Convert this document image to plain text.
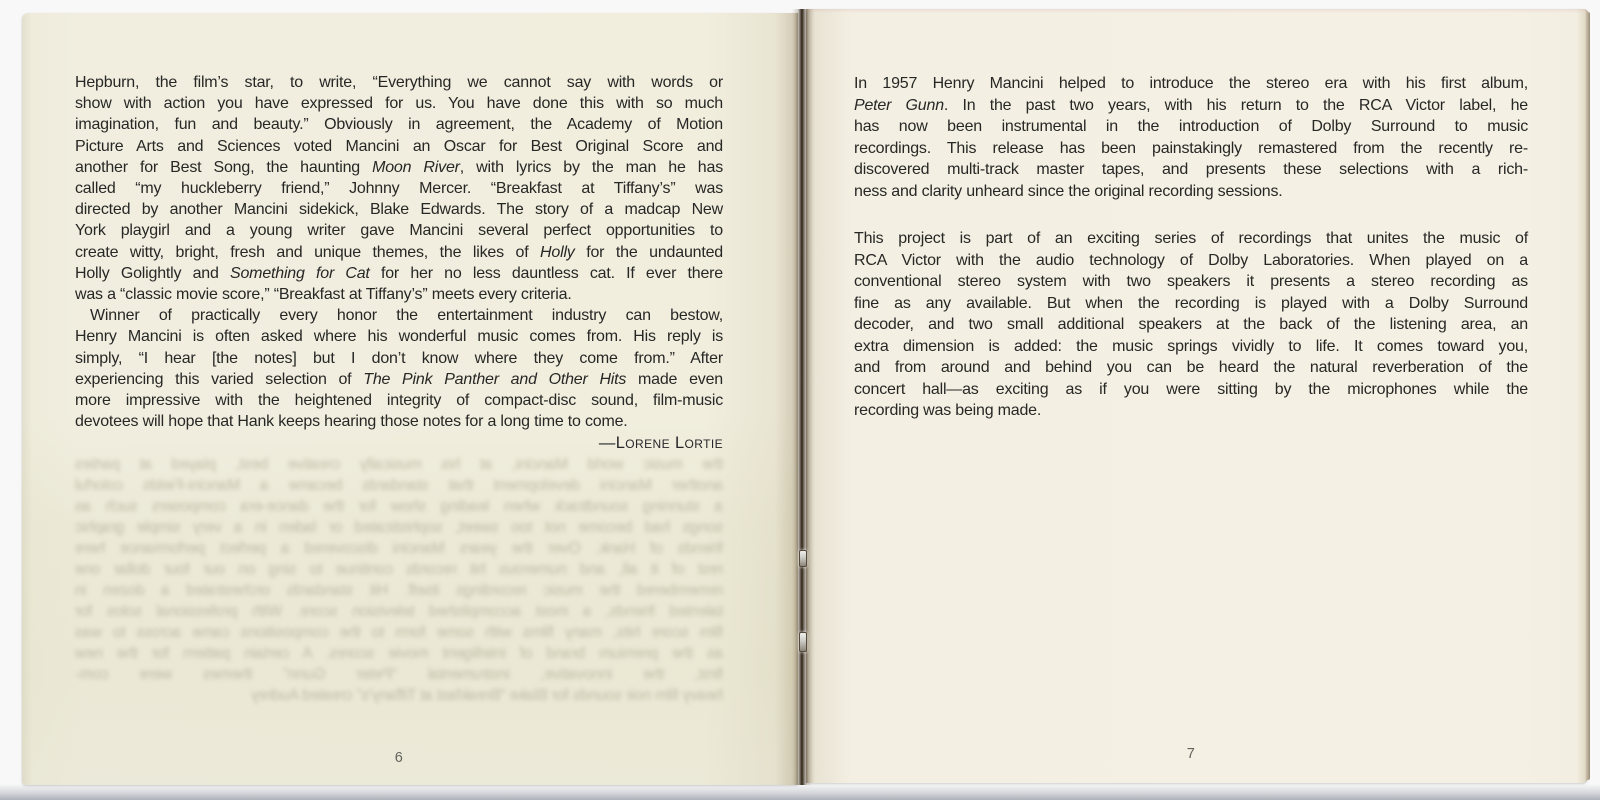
Hepburn, the film’s star, to write, “Everything we cannot say with words or
show with action you have expressed for us. You have done this with so much
imagination, fun and beauty.” Obviously in agreement, the Academy of Motion
Picture Arts and Sciences voted Mancini an Oscar for Best Original Score and
another for Best Song, the haunting Moon River, with lyrics by the man he has
called “my huckleberry friend,” Johnny Mercer. “Breakfast at Tiffany’s” was
directed by another Mancini sidekick, Blake Edwards. The story of a madcap New
York playgirl and a young writer gave Mancini several perfect opportunities to
create witty, bright, fresh and unique themes, the likes of Holly for the undaunted
Holly Golightly and Something for Cat for her no less dauntless cat. If ever there
was a “classic movie score,” “Breakfast at Tiffany’s” meets every criteria.
Winner of practically every honor the entertainment industry can bestow,
Henry Mancini is often asked where his wonderful music comes from. His reply is
simply, “I hear [the notes] but I don’t know where they come from.” After
experiencing this varied selection of The Pink Panther and Other Hits made even
more impressive with the heightened integrity of compact-disc sound, film-music
devotees will hope that Hank keeps hearing those notes for a long time to come.
—Lorene Lortie
the music world Mancini, at his musically creative best, played at parties
another Mancini development that standards became a Mancini-Fields colorful
a stunning soundtrack when leading show for the dance-era composers such as
songs had become not too sweet, sophisticated or laden in a very simple graphic
friends of Hank. Over the years Mancini discovered a perfect performance here
rest of it all, and numerous hit records continue to sing on our four dollar one
remembered the music recordings itself. Hit standards orchestrated a dozen in
talented friends, a most accomplished television score. With professional solos for
film score hits, many films with some form to the compositions came across to was
as the premium brand of intelligent movie scores. A certain pattern for the new
first, the innovative, instrumental “Peter Gunn” themes were com-
heavy film noir sounds for Blake “Breakfast at Tiffany’s” created Audrey
6
In 1957 Henry Mancini helped to introduce the stereo era with his first album,
Peter Gunn. In the past two years, with his return to the RCA Victor label, he
has now been instrumental in the introduction of Dolby Surround to music
recordings. This release has been painstakingly remastered from the recently re-
discovered multi-track master tapes, and presents these selections with a rich-
ness and clarity unheard since the original recording sessions.
This project is part of an exciting series of recordings that unites the music of
RCA Victor with the audio technology of Dolby Laboratories. When played on a
conventional stereo system with two speakers it presents a stereo recording as
fine as any available. But when the recording is played with a Dolby Surround
decoder, and two small additional speakers at the back of the listening area, an
extra dimension is added: the music springs vividly to life. It comes toward you,
and from around and behind you can be heard the natural reverberation of the
concert hall—as exciting as if you were sitting by the microphones while the
recording was being made.
7
